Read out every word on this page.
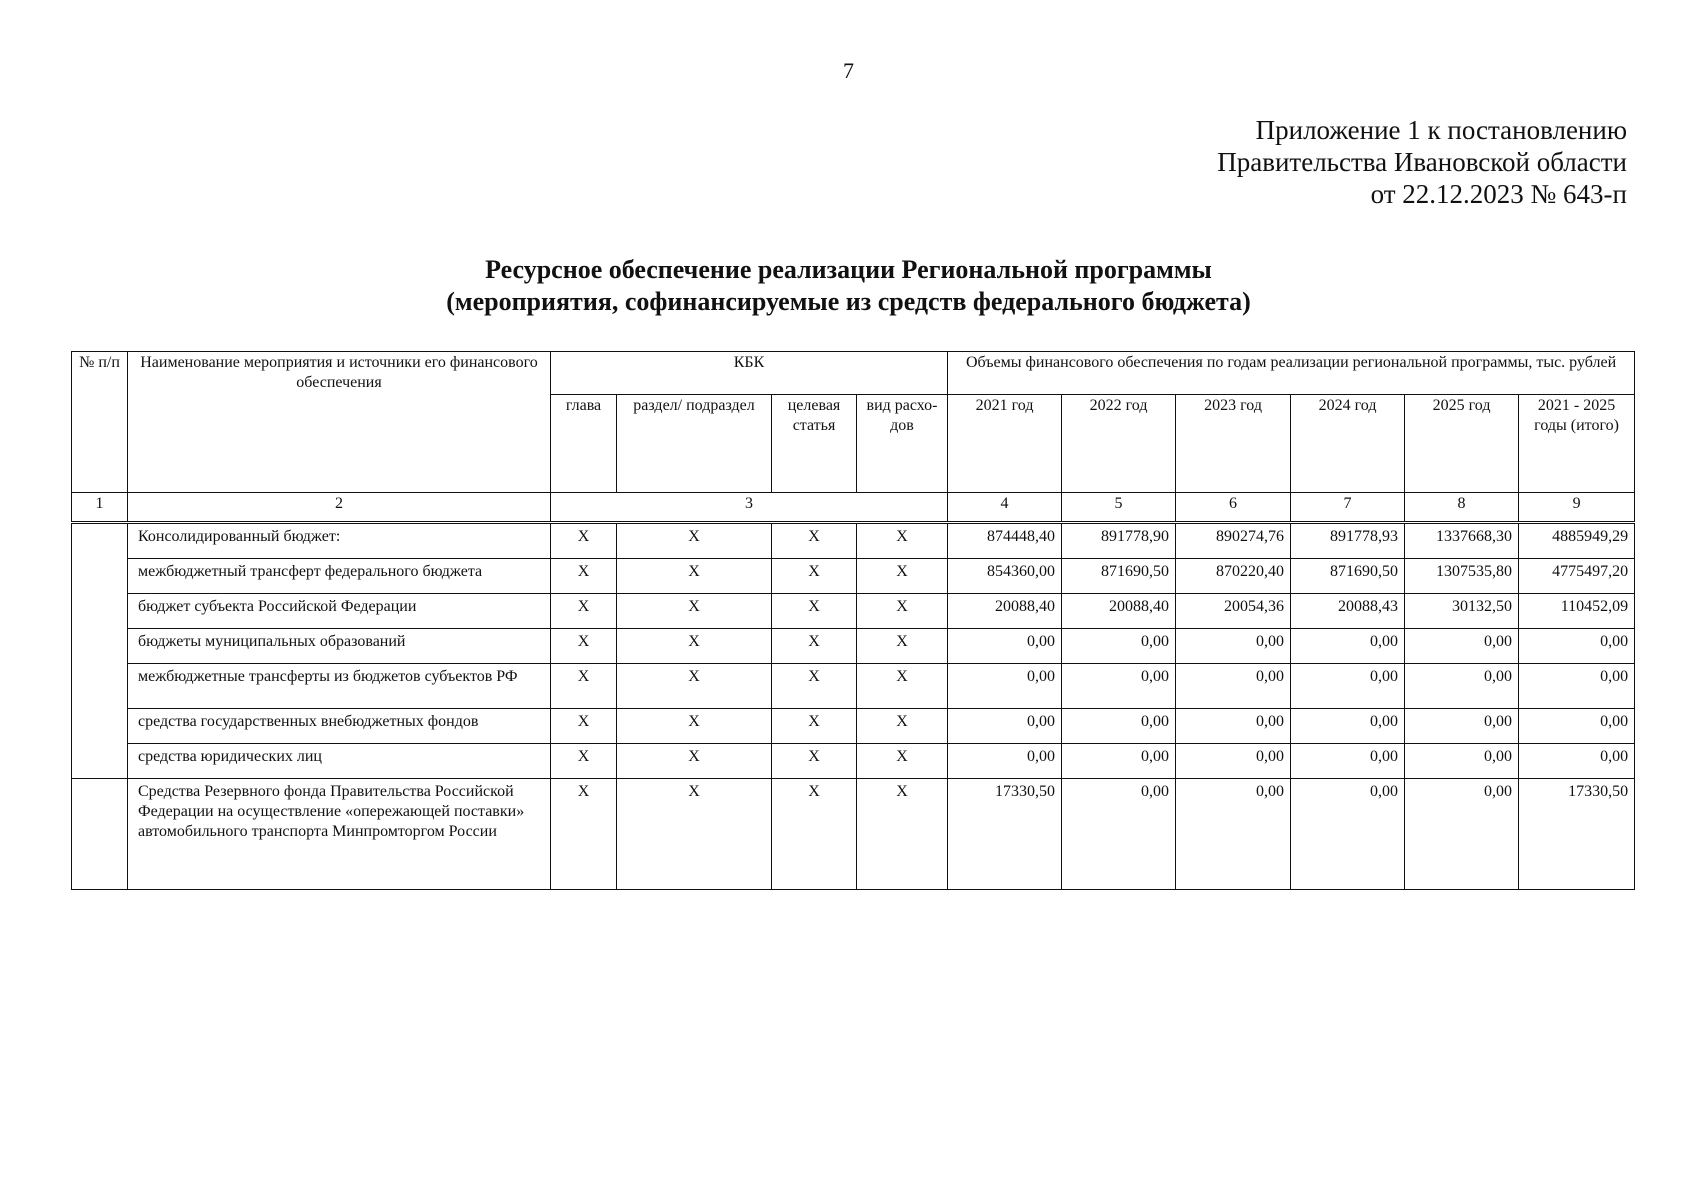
7
Приложение 1 к постановлению
Правительства Ивановской области
от 22.12.2023 № 643-п
Ресурсное обеспечение реализации Региональной программы
(мероприятия, софинансируемые из средств федерального бюджета)
№ п/п	Наименование мероприятия и источники его финансового обеспечения	КБК				Объемы финансового обеспечения по годам реализации региональной программы, тыс. рублей					
		глава	раздел/ подраздел	целевая статья	вид расхо-дов	2021 год	2022 год	2023 год	2024 год	2025 год	2021 - 2025 годы (итого)
1	2	3				4	5	6	7	8	9
	Консолидированный бюджет:	Х	Х	Х	Х	874448,40	891778,90	890274,76	891778,93	1337668,30	4885949,29
	межбюджетный трансферт федерального бюджета	Х	Х	Х	Х	854360,00	871690,50	870220,40	871690,50	1307535,80	4775497,20
	бюджет субъекта Российской Федерации	Х	Х	Х	Х	20088,40	20088,40	20054,36	20088,43	30132,50	110452,09
	бюджеты муниципальных образований	Х	Х	Х	Х	0,00	0,00	0,00	0,00	0,00	0,00
	межбюджетные трансферты из бюджетов субъектов РФ	Х	Х	Х	Х	0,00	0,00	0,00	0,00	0,00	0,00
	средства государственных внебюджетных фондов	Х	Х	Х	Х	0,00	0,00	0,00	0,00	0,00	0,00
	средства юридических лиц	Х	Х	Х	Х	0,00	0,00	0,00	0,00	0,00	0,00
	Средства Резервного фонда Правительства Российской Федерации на осуществление «опережающей поставки» автомобильного транспорта Минпромторгом России	Х	Х	Х	Х	17330,50	0,00	0,00	0,00	0,00	17330,50
